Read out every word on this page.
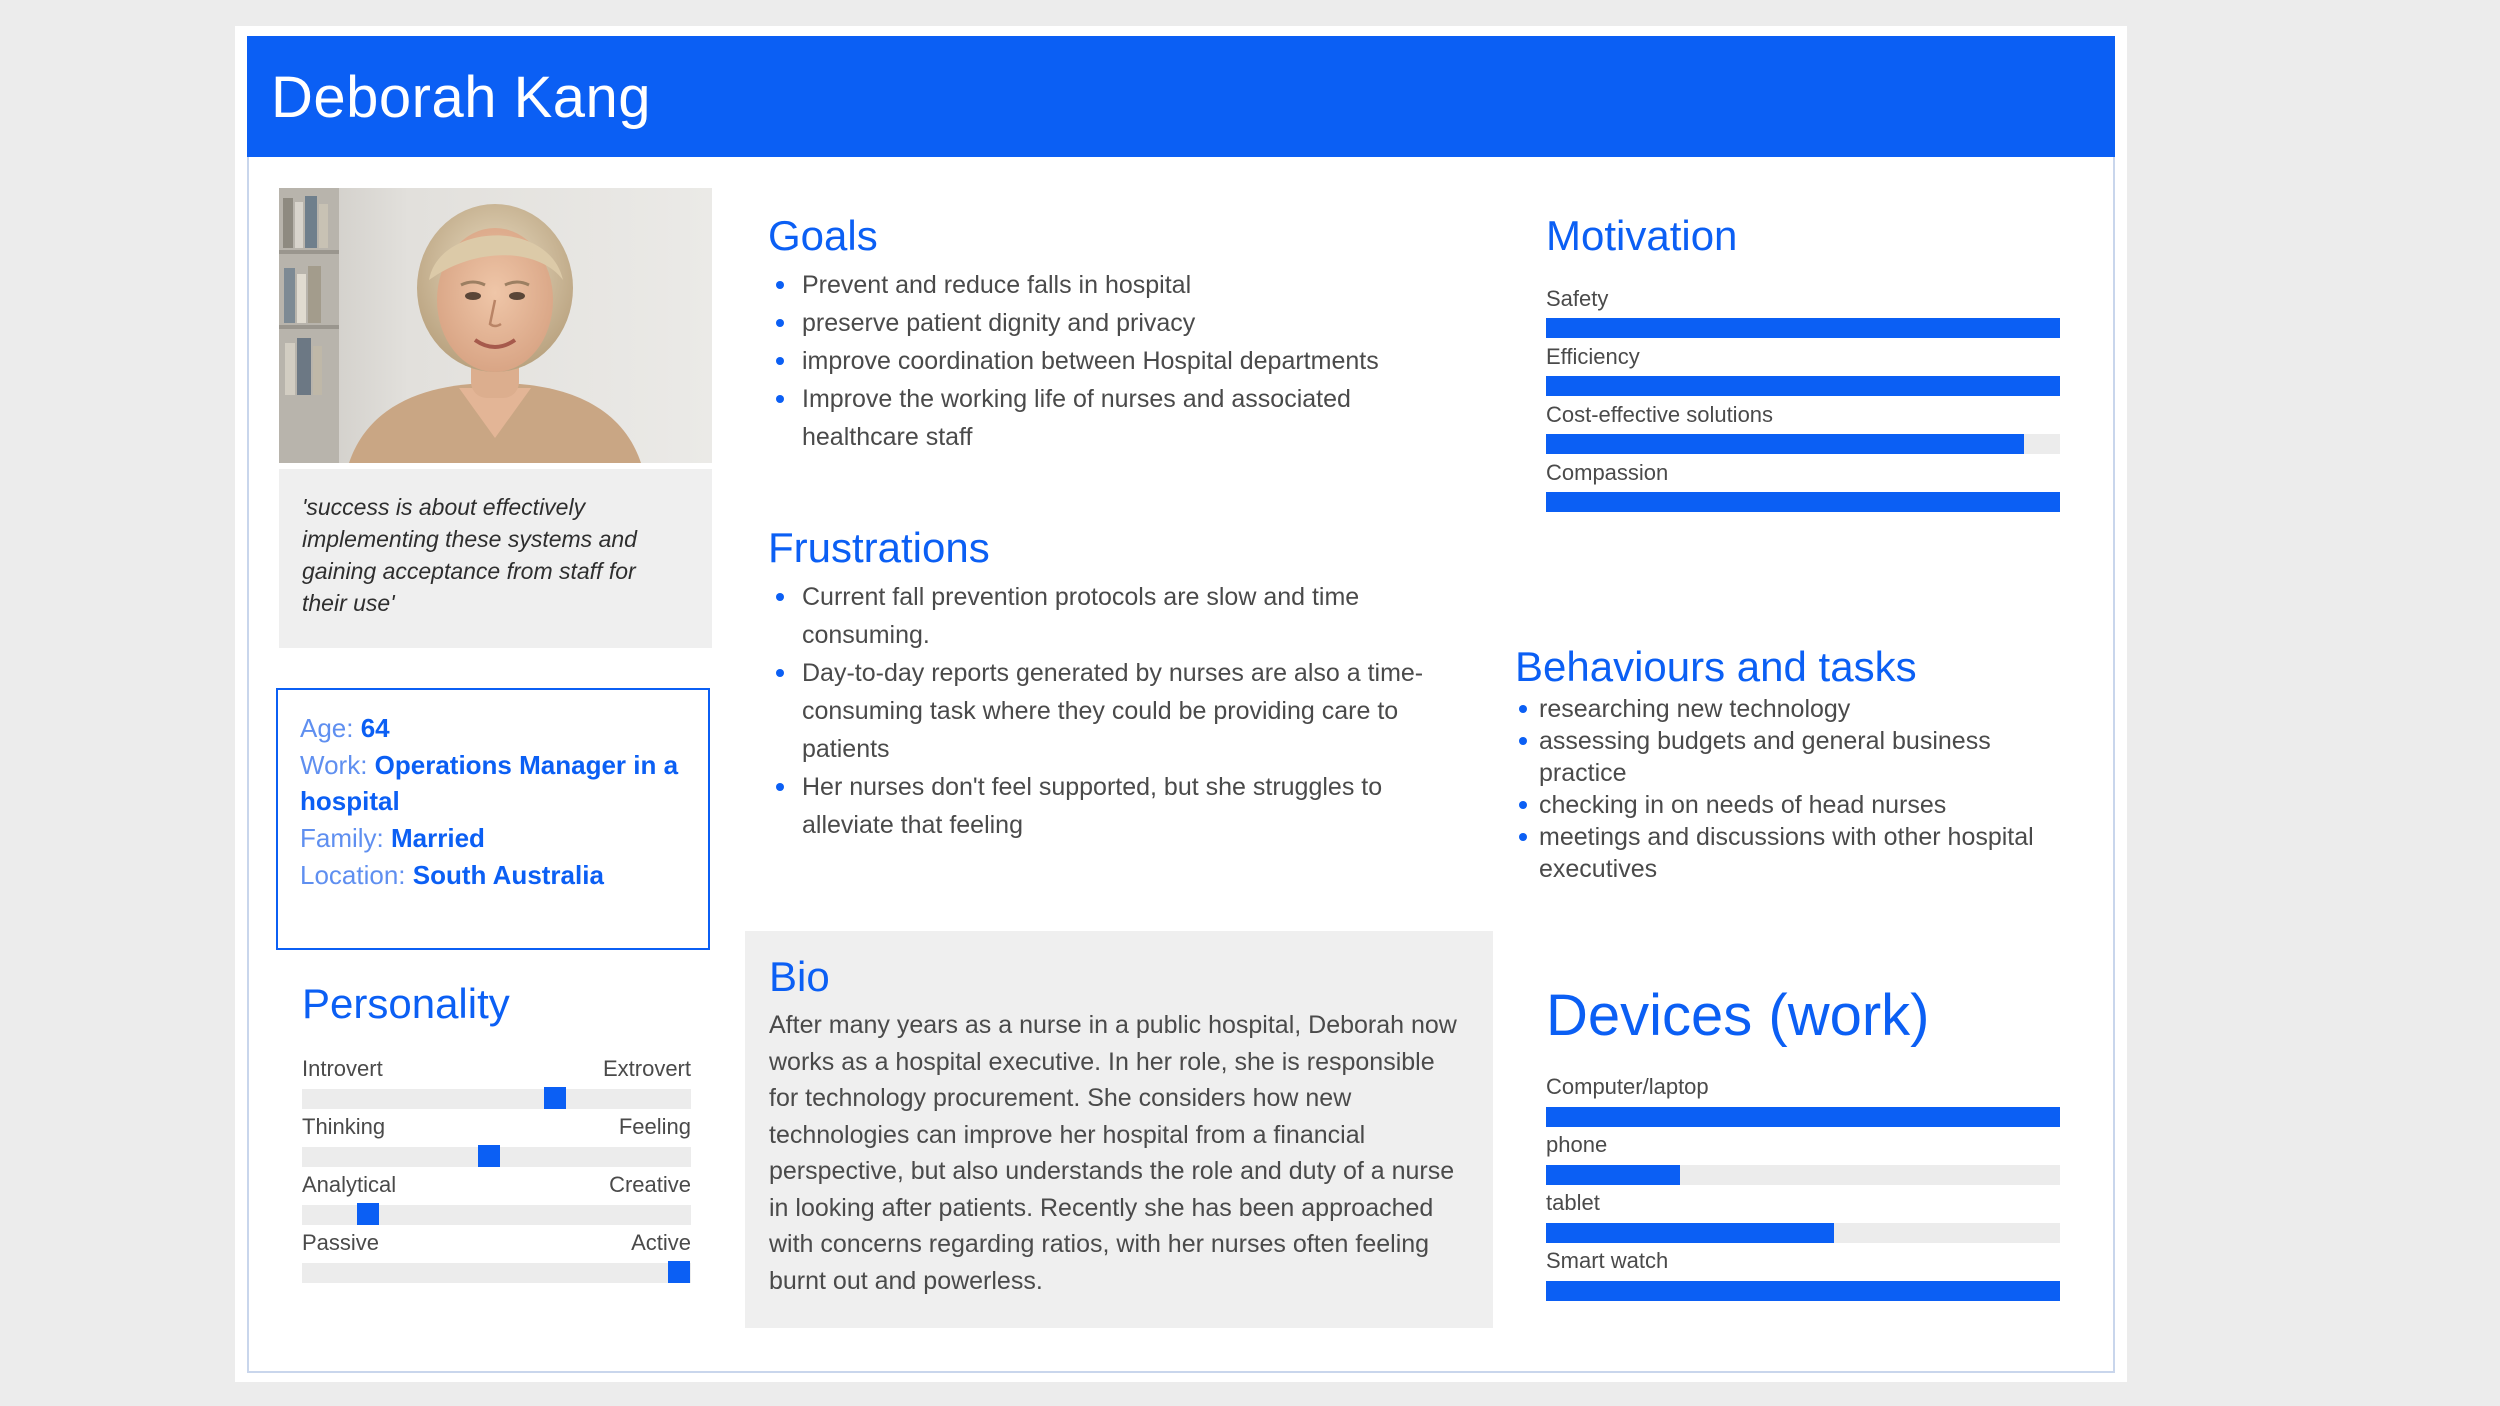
Deborah Kang

'success is about effectively implementing these systems and gaining acceptance from staff for their use'

Age: 64
Work: Operations Manager in a hospital
Family: Married
Location: South Australia
Goals
Prevent and reduce falls in hospital
preserve patient dignity and privacy
improve coordination between Hospital departments
Improve the working life of nurses and associated healthcare staff
Frustrations
Current fall prevention protocols are slow and time consuming.
Day-to-day reports generated by nurses are also a time-consuming task where they could be providing care to patients
Her nurses don't feel supported, but she struggles to alleviate that feeling
Motivation
Safety
Efficiency
Cost-effective solutions
Compassion
Behaviours and tasks
researching new technology
assessing budgets and general business practice
checking in on needs of head nurses
meetings and discussions with other hospital executives
Personality
Introvert	Extrovert
Thinking	Feeling
Analytical	Creative
Passive	Active
Bio

After many years as a nurse in a public hospital, Deborah now works as a hospital executive. In her role, she is responsible for technology procurement. She considers how new technologies can improve her hospital from a financial perspective, but also understands the role and duty of a nurse in looking after patients. Recently she has been approached with concerns regarding ratios, with her nurses often feeling burnt out and powerless.

Devices (work)
Computer/laptop
phone
tablet
Smart watch
